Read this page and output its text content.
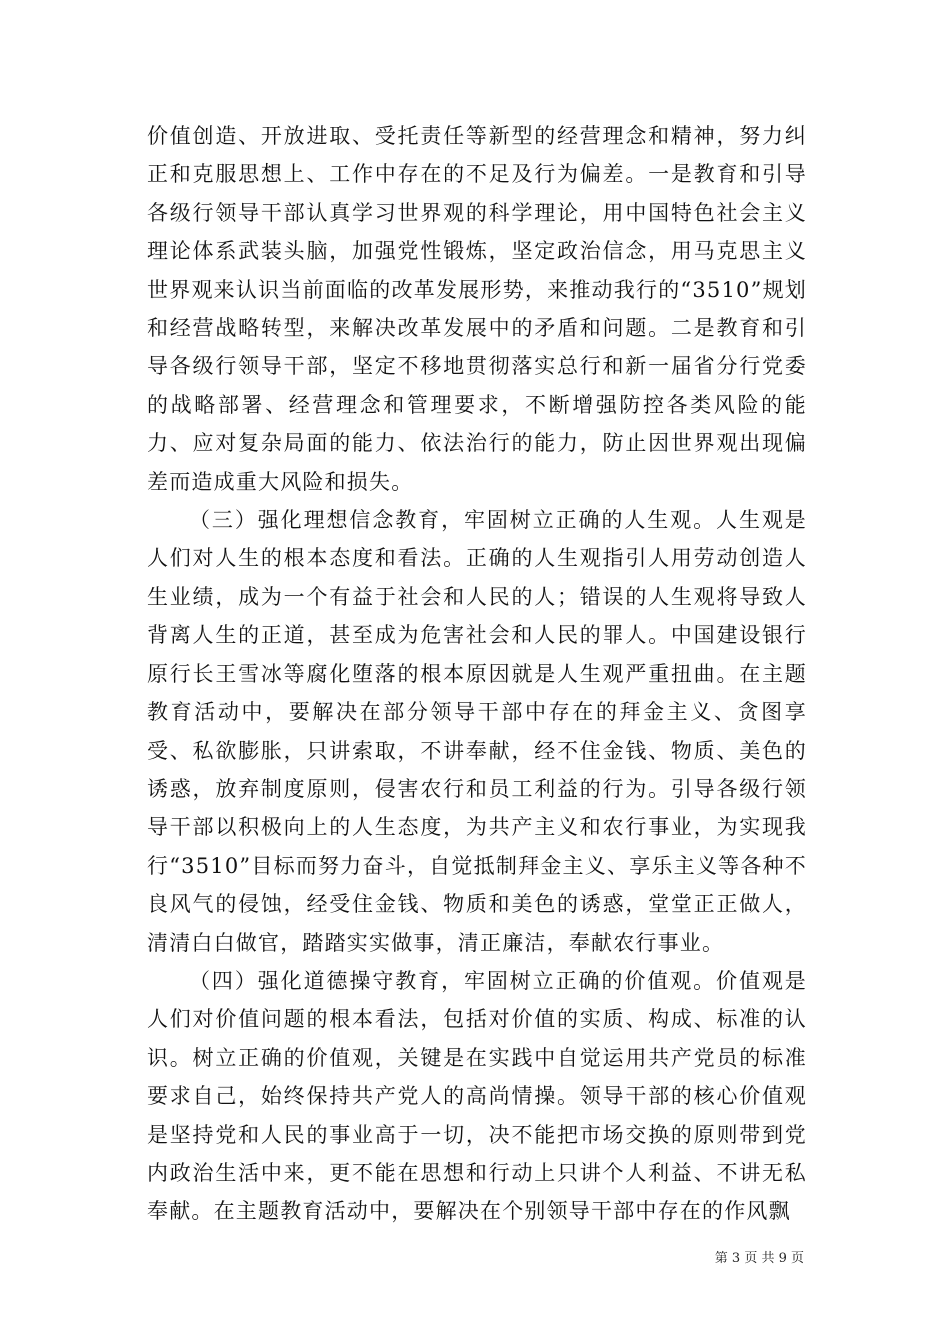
价值创造、开放进取、受托责任等新型的经营理念和精神，努力纠正和克服思想上、工作中存在的不足及行为偏差。一是教育和引导各级行领导干部认真学习世界观的科学理论，用中国特色社会主义理论体系武装头脑，加强党性锻炼，坚定政治信念，用马克思主义世界观来认识当前面临的改革发展形势，来推动我行的“3510”规划和经营战略转型，来解决改革发展中的矛盾和问题。二是教育和引导各级行领导干部，坚定不移地贯彻落实总行和新一届省分行党委的战略部署、经营理念和管理要求，不断增强防控各类风险的能力、应对复杂局面的能力、依法治行的能力，防止因世界观出现偏差而造成重大风险和损失。

（三）强化理想信念教育，牢固树立正确的人生观。人生观是人们对人生的根本态度和看法。正确的人生观指引人用劳动创造人生业绩，成为一个有益于社会和人民的人；错误的人生观将导致人背离人生的正道，甚至成为危害社会和人民的罪人。中国建设银行原行长王雪冰等腐化堕落的根本原因就是人生观严重扭曲。在主题教育活动中，要解决在部分领导干部中存在的拜金主义、贪图享受、私欲膨胀，只讲索取，不讲奉献，经不住金钱、物质、美色的诱惑，放弃制度原则，侵害农行和员工利益的行为。引导各级行领导干部以积极向上的人生态度，为共产主义和农行事业，为实现我行“3510”目标而努力奋斗，自觉抵制拜金主义、享乐主义等各种不良风气的侵蚀，经受住金钱、物质和美色的诱惑，堂堂正正做人，清清白白做官，踏踏实实做事，清正廉洁，奉献农行事业。

（四）强化道德操守教育，牢固树立正确的价值观。价值观是人们对价值问题的根本看法，包括对价值的实质、构成、标准的认识。树立正确的价值观，关键是在实践中自觉运用共产党员的标准要求自己，始终保持共产党人的高尚情操。领导干部的核心价值观是坚持党和人民的事业高于一切，决不能把市场交换的原则带到党内政治生活中来，更不能在思想和行动上只讲个人利益、不讲无私奉献。在主题教育活动中，要解决在个别领导干部中存在的作风飘

第 3 页 共 9 页
